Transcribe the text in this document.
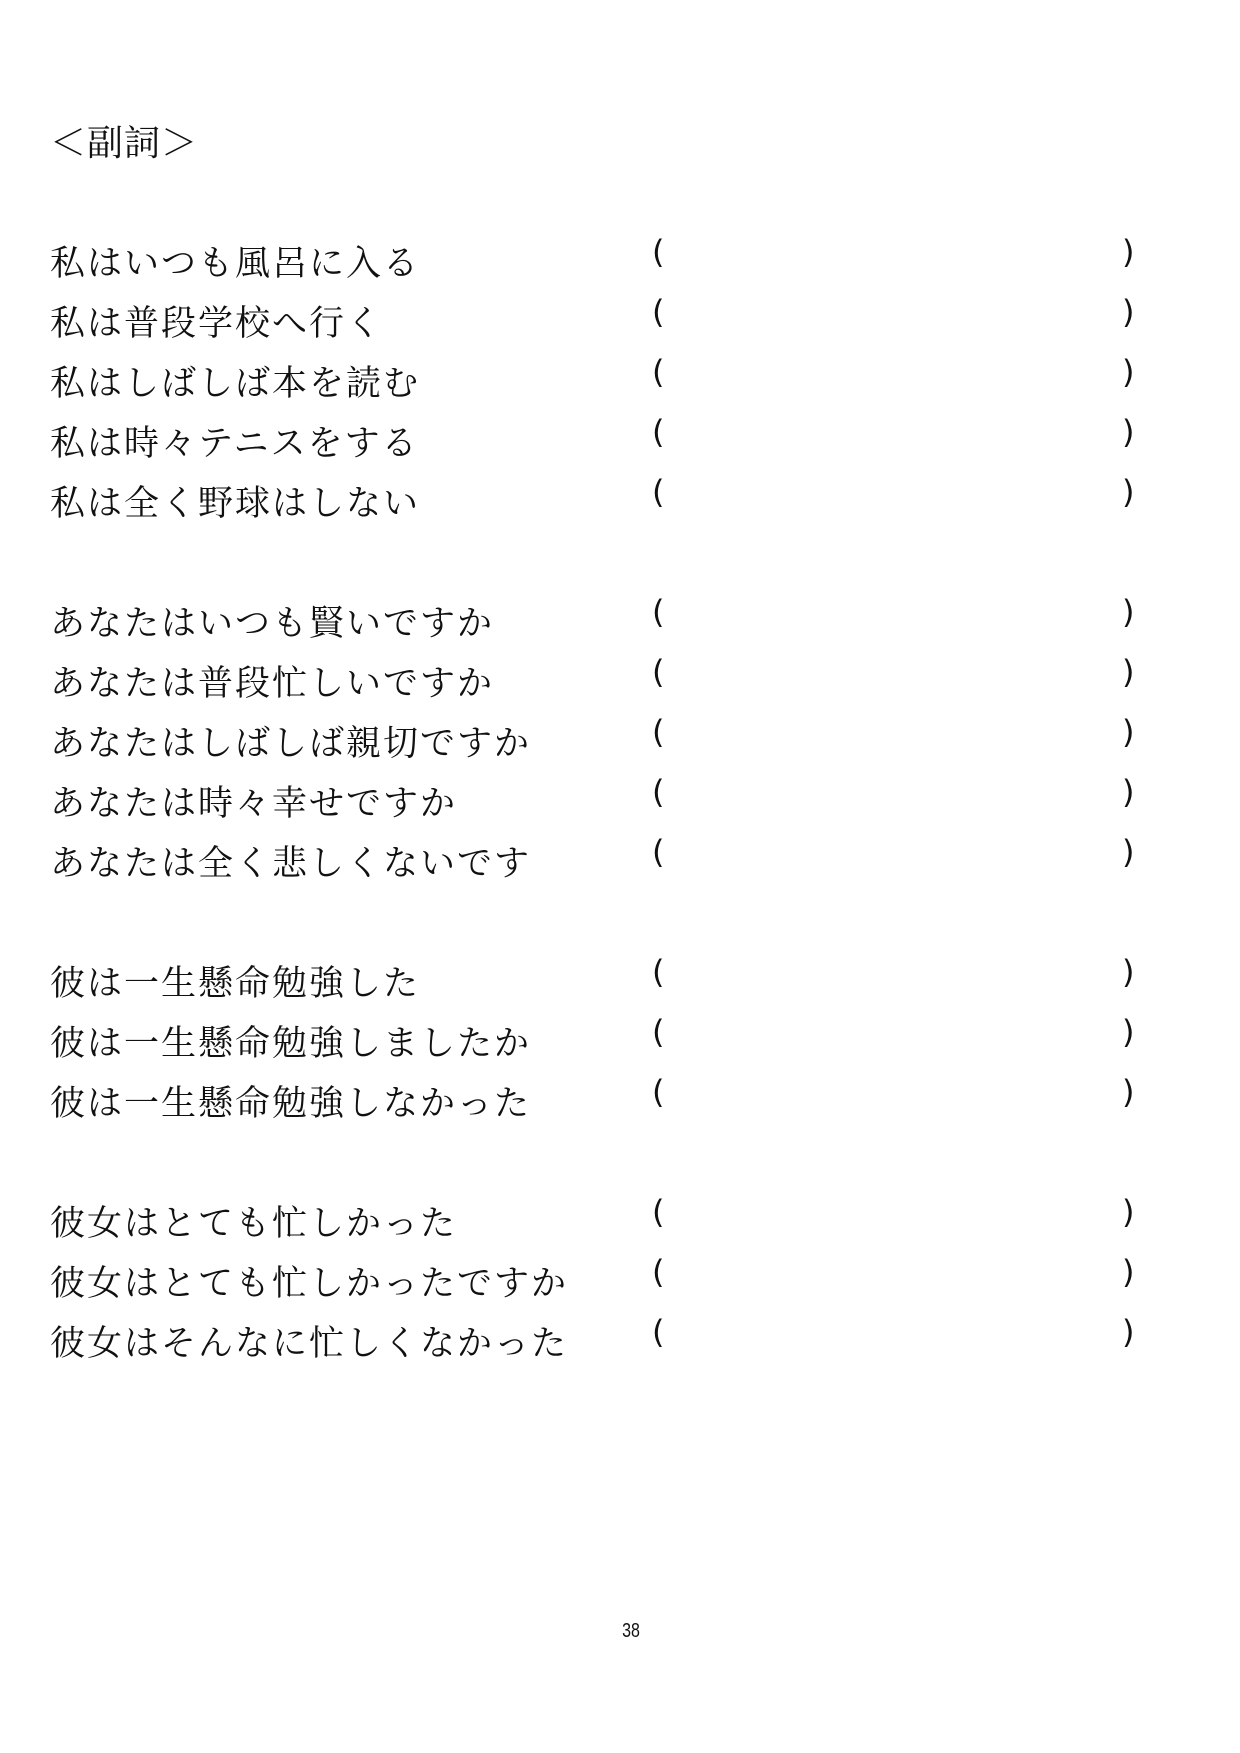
＜副詞＞
私はいつも風呂に入る	(	)
私は普段学校へ行く	(	)
私はしばしば本を読む	(	)
私は時々テニスをする	(	)
私は全く野球はしない	(	)
あなたはいつも賢いですか	(	)
あなたは普段忙しいですか	(	)
あなたはしばしば親切ですか	(	)
あなたは時々幸せですか	(	)
あなたは全く悲しくないです	(	)
彼は一生懸命勉強した	(	)
彼は一生懸命勉強しましたか	(	)
彼は一生懸命勉強しなかった	(	)
彼女はとても忙しかった	(	)
彼女はとても忙しかったですか	(	)
彼女はそんなに忙しくなかった	(	)
38
